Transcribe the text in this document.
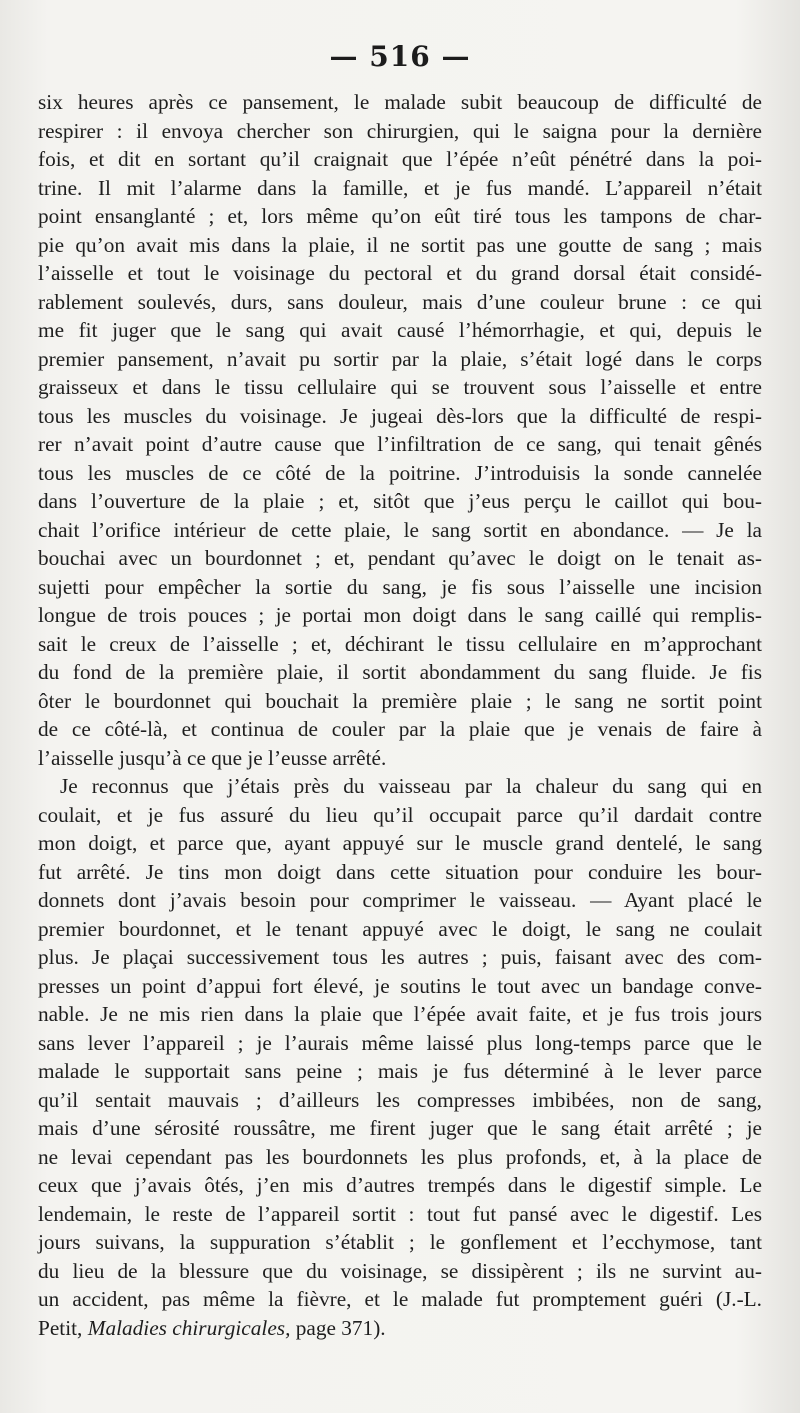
— 516 —
six heures après ce pansement, le malade subit beaucoup de difficulté de
respirer : il envoya chercher son chirurgien, qui le saigna pour la dernière
fois, et dit en sortant qu’il craignait que l’épée n’eût pénétré dans la poi-
trine. Il mit l’alarme dans la famille, et je fus mandé. L’appareil n’était
point ensanglanté ; et, lors même qu’on eût tiré tous les tampons de char-
pie qu’on avait mis dans la plaie, il ne sortit pas une goutte de sang ; mais
l’aisselle et tout le voisinage du pectoral et du grand dorsal était considé-
rablement soulevés, durs, sans douleur, mais d’une couleur brune : ce qui
me fit juger que le sang qui avait causé l’hémorrhagie, et qui, depuis le
premier pansement, n’avait pu sortir par la plaie, s’était logé dans le corps
graisseux et dans le tissu cellulaire qui se trouvent sous l’aisselle et entre
tous les muscles du voisinage. Je jugeai dès-lors que la difficulté de respi-
rer n’avait point d’autre cause que l’infiltration de ce sang, qui tenait gênés
tous les muscles de ce côté de la poitrine. J’introduisis la sonde cannelée
dans l’ouverture de la plaie ; et, sitôt que j’eus perçu le caillot qui bou-
chait l’orifice intérieur de cette plaie, le sang sortit en abondance. — Je la
bouchai avec un bourdonnet ; et, pendant qu’avec le doigt on le tenait as-
sujetti pour empêcher la sortie du sang, je fis sous l’aisselle une incision
longue de trois pouces ; je portai mon doigt dans le sang caillé qui remplis-
sait le creux de l’aisselle ; et, déchirant le tissu cellulaire en m’approchant
du fond de la première plaie, il sortit abondamment du sang fluide. Je fis
ôter le bourdonnet qui bouchait la première plaie ; le sang ne sortit point
de ce côté-là, et continua de couler par la plaie que je venais de faire à
l’aisselle jusqu’à ce que je l’eusse arrêté.
Je reconnus que j’étais près du vaisseau par la chaleur du sang qui en
coulait, et je fus assuré du lieu qu’il occupait parce qu’il dardait contre
mon doigt, et parce que, ayant appuyé sur le muscle grand dentelé, le sang
fut arrêté. Je tins mon doigt dans cette situation pour conduire les bour-
donnets dont j’avais besoin pour comprimer le vaisseau. — Ayant placé le
premier bourdonnet, et le tenant appuyé avec le doigt, le sang ne coulait
plus. Je plaçai successivement tous les autres ; puis, faisant avec des com-
presses un point d’appui fort élevé, je soutins le tout avec un bandage conve-
nable. Je ne mis rien dans la plaie que l’épée avait faite, et je fus trois jours
sans lever l’appareil ; je l’aurais même laissé plus long-temps parce que le
malade le supportait sans peine ; mais je fus déterminé à le lever parce
qu’il sentait mauvais ; d’ailleurs les compresses imbibées, non de sang,
mais d’une sérosité roussâtre, me firent juger que le sang était arrêté ; je
ne levai cependant pas les bourdonnets les plus profonds, et, à la place de
ceux que j’avais ôtés, j’en mis d’autres trempés dans le digestif simple. Le
lendemain, le reste de l’appareil sortit : tout fut pansé avec le digestif. Les
jours suivans, la suppuration s’établit ; le gonflement et l’ecchymose, tant
du lieu de la blessure que du voisinage, se dissipèrent ; ils ne survint au-
un accident, pas même la fièvre, et le malade fut promptement guéri (J.-L.
Petit, Maladies chirurgicales, page 371).
